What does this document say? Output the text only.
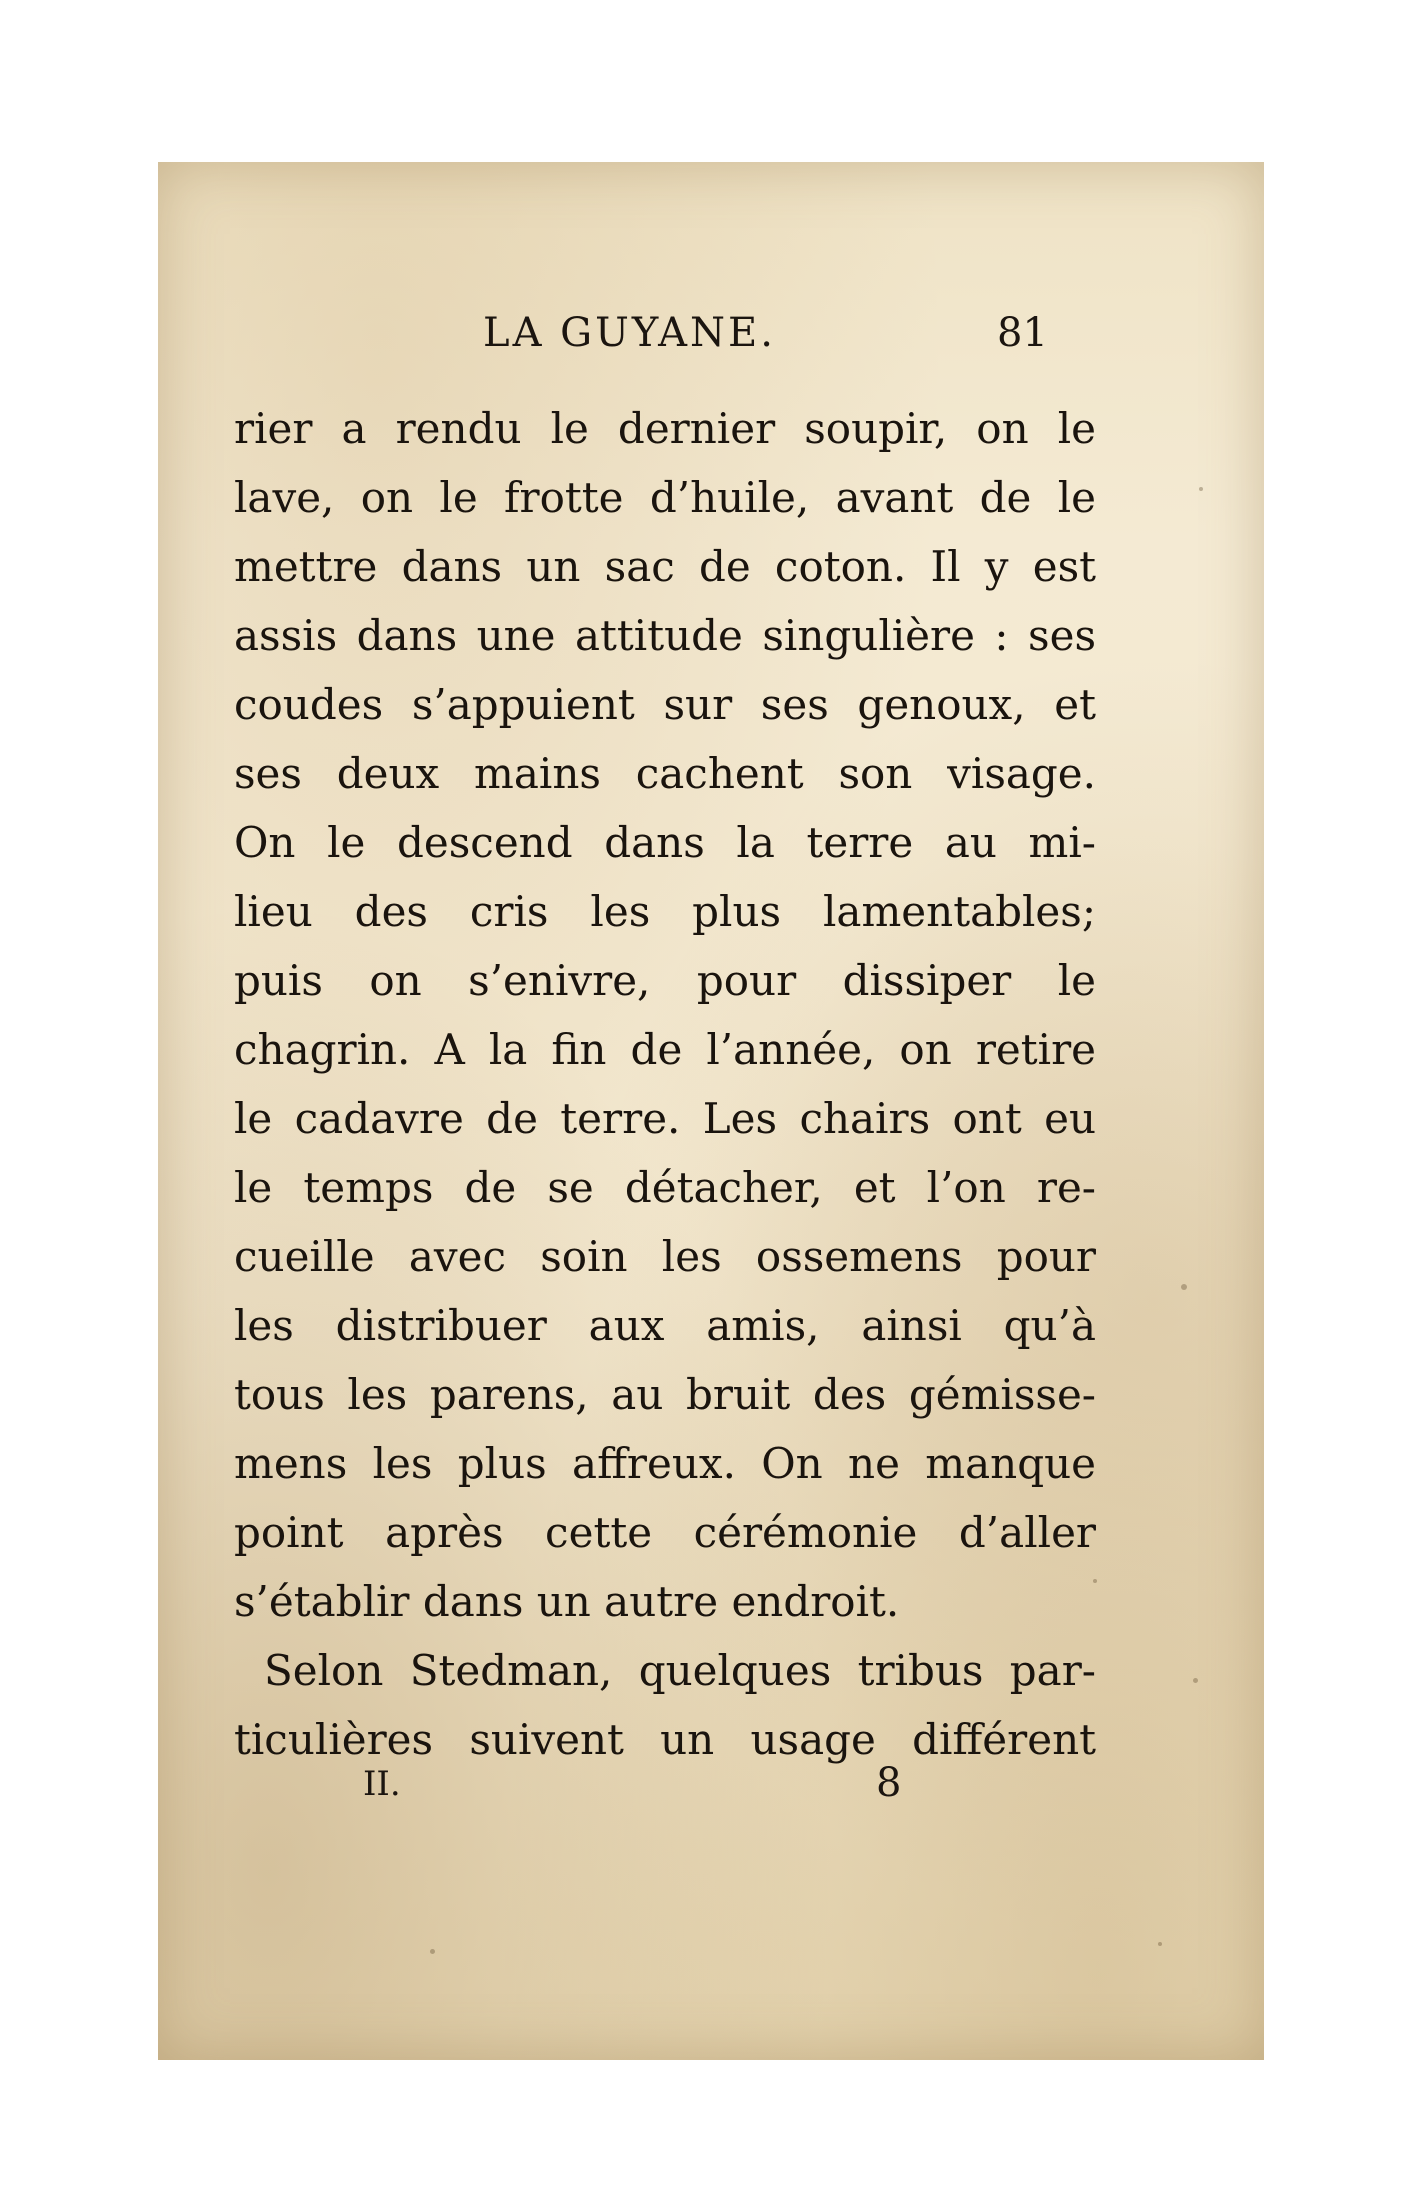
LA GUYANE.	81
rier a rendu le dernier soupir, on le
lave, on le frotte d’huile, avant de le
mettre dans un sac de coton. Il y est
assis dans une attitude singulière : ses
coudes s’appuient sur ses genoux, et
ses deux mains cachent son visage.
On le descend dans la terre au mi-
lieu des cris les plus lamentables;
puis on s’enivre, pour dissiper le
chagrin. A la fin de l’année, on retire
le cadavre de terre. Les chairs ont eu
le temps de se détacher, et l’on re-
cueille avec soin les ossemens pour
les distribuer aux amis, ainsi qu’à
tous les parens, au bruit des gémisse-
mens les plus affreux. On ne manque
point après cette cérémonie d’aller
s’établir dans un autre endroit.
Selon Stedman, quelques tribus par-
ticulières suivent un usage différent
II.	8
